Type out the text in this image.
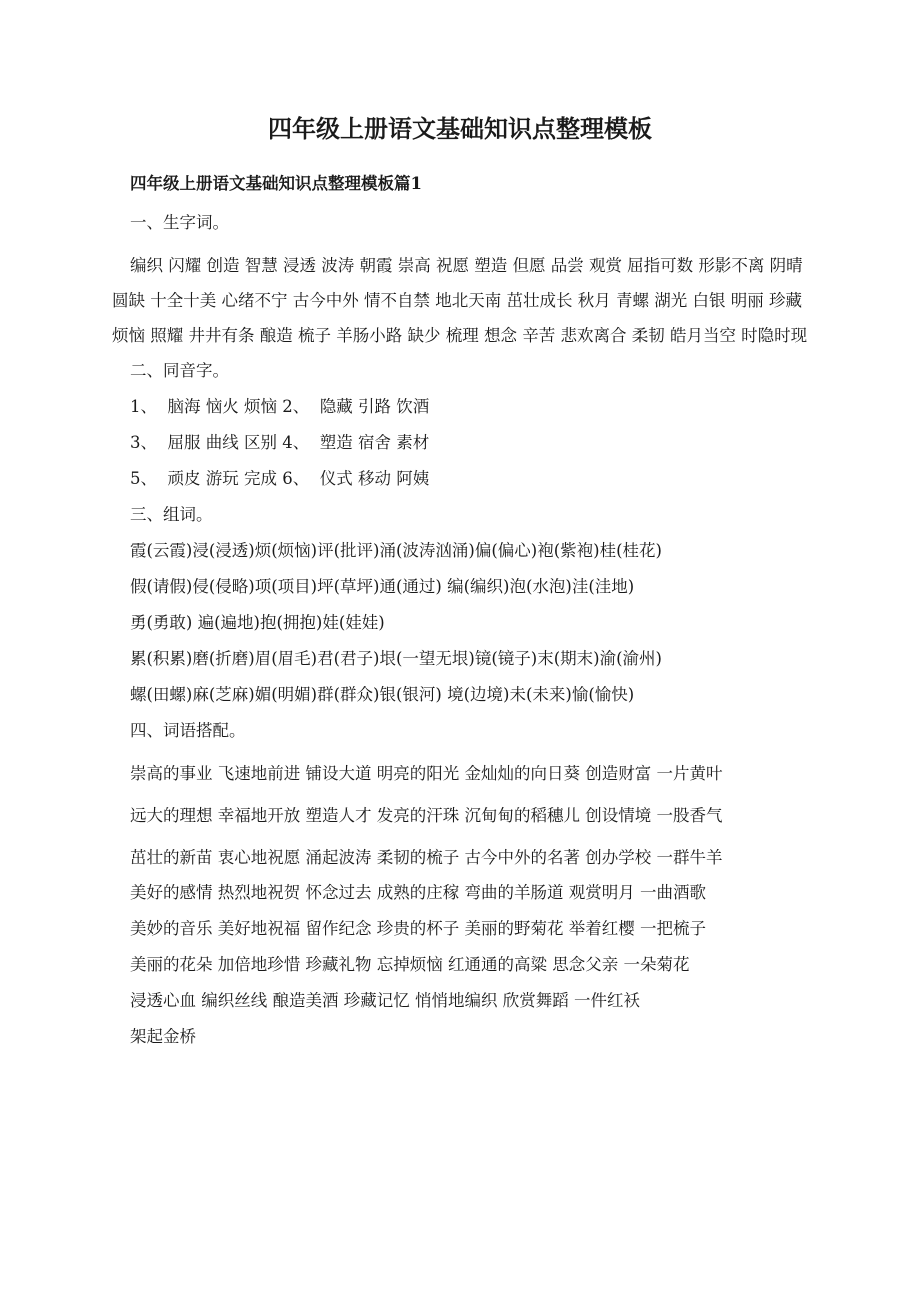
四年级上册语文基础知识点整理模板
四年级上册语文基础知识点整理模板篇1

一、生字词。

编织 闪耀 创造 智慧 浸透 波涛 朝霞 崇高 祝愿 塑造 但愿 品尝 观赏 屈指可数 形影不离 阴晴圆缺 十全十美 心绪不宁 古今中外 情不自禁 地北天南 茁壮成长 秋月 青螺 湖光 白银 明丽 珍藏 烦恼 照耀 井井有条 酿造 梳子 羊肠小路 缺少 梳理 想念 辛苦 悲欢离合 柔韧 皓月当空 时隐时现

二、同音字。

1、  脑海 恼火 烦恼 2、  隐藏 引路 饮酒

3、  屈服 曲线 区别 4、  塑造 宿舍 素材

5、  顽皮 游玩 完成 6、  仪式 移动 阿姨

三、组词。

霞(云霞)浸(浸透)烦(烦恼)评(批评)涌(波涛汹涌)偏(偏心)袍(紫袍)桂(桂花)

假(请假)侵(侵略)项(项目)坪(草坪)通(通过) 编(编织)泡(水泡)洼(洼地)

勇(勇敢) 遍(遍地)抱(拥抱)娃(娃娃)

累(积累)磨(折磨)眉(眉毛)君(君子)垠(一望无垠)镜(镜子)末(期末)渝(渝州)

螺(田螺)麻(芝麻)媚(明媚)群(群众)银(银河) 境(边境)未(未来)愉(愉快)

四、词语搭配。

崇高的事业 飞速地前进 铺设大道 明亮的阳光 金灿灿的向日葵 创造财富 一片黄叶

远大的理想 幸福地开放 塑造人才 发亮的汗珠 沉甸甸的稻穗儿 创设情境 一股香气

茁壮的新苗 衷心地祝愿 涌起波涛 柔韧的梳子 古今中外的名著 创办学校 一群牛羊

美好的感情 热烈地祝贺 怀念过去 成熟的庄稼 弯曲的羊肠道 观赏明月 一曲酒歌

美妙的音乐 美好地祝福 留作纪念 珍贵的杯子 美丽的野菊花 举着红樱 一把梳子

美丽的花朵 加倍地珍惜 珍藏礼物 忘掉烦恼 红通通的高粱 思念父亲 一朵菊花

浸透心血 编织丝线 酿造美酒 珍藏记忆 悄悄地编织 欣赏舞蹈 一件红袄

架起金桥
